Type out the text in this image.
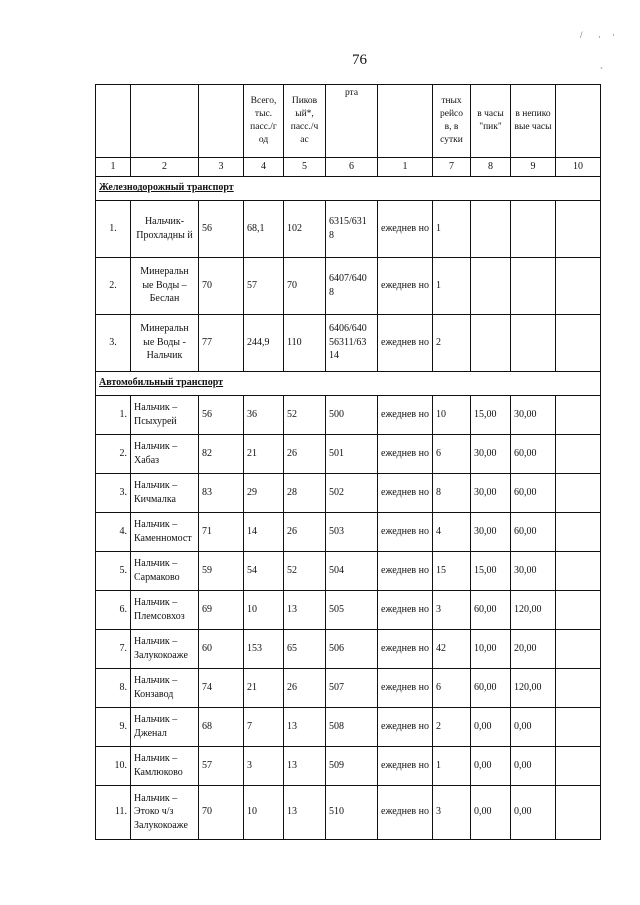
76
/ · ·
`
			Всего, тыс. пасс./г од	Пиков ый*, пасс./ч ас	рта		тных рейсо в, в сутки	в часы "пик"	в непико вые часы	
1	2	3	4	5	6	1	7	8	9	10
Железнодорожный транспорт										
1.	Нальчик-Прохладны й	56	68,1	102	6315/631 8	ежеднев но	1			
2.	Минеральн ые Воды – Беслан	70	57	70	6407/640 8	ежеднев но	1			
3.	Минеральн ые Воды - Нальчик	77	244,9	110	6406/640 56311/63 14	ежеднев но	2			
Автомобильный транспорт										
1.	Нальчик – Псыхурей	56	36	52	500	ежеднев но	10	15,00	30,00	
2.	Нальчик – Хабаз	82	21	26	501	ежеднев но	6	30,00	60,00	
3.	Нальчик – Кичмалка	83	29	28	502	ежеднев но	8	30,00	60,00	
4.	Нальчик – Каменномост	71	14	26	503	ежеднев но	4	30,00	60,00	
5.	Нальчик – Сармаково	59	54	52	504	ежеднев но	15	15,00	30,00	
6.	Нальчик – Племсовхоз	69	10	13	505	ежеднев но	3	60,00	120,00	
7.	Нальчик – Залукокоаже	60	153	65	506	ежеднев но	42	10,00	20,00	
8.	Нальчик – Конзавод	74	21	26	507	ежеднев но	6	60,00	120,00	
9.	Нальчик – Дженал	68	7	13	508	ежеднев но	2	0,00	0,00	
10.	Нальчик – Камлюково	57	3	13	509	ежеднев но	1	0,00	0,00	
11.	Нальчик – Этоко ч/з Залукокоаже	70	10	13	510	ежеднев но	3	0,00	0,00	
